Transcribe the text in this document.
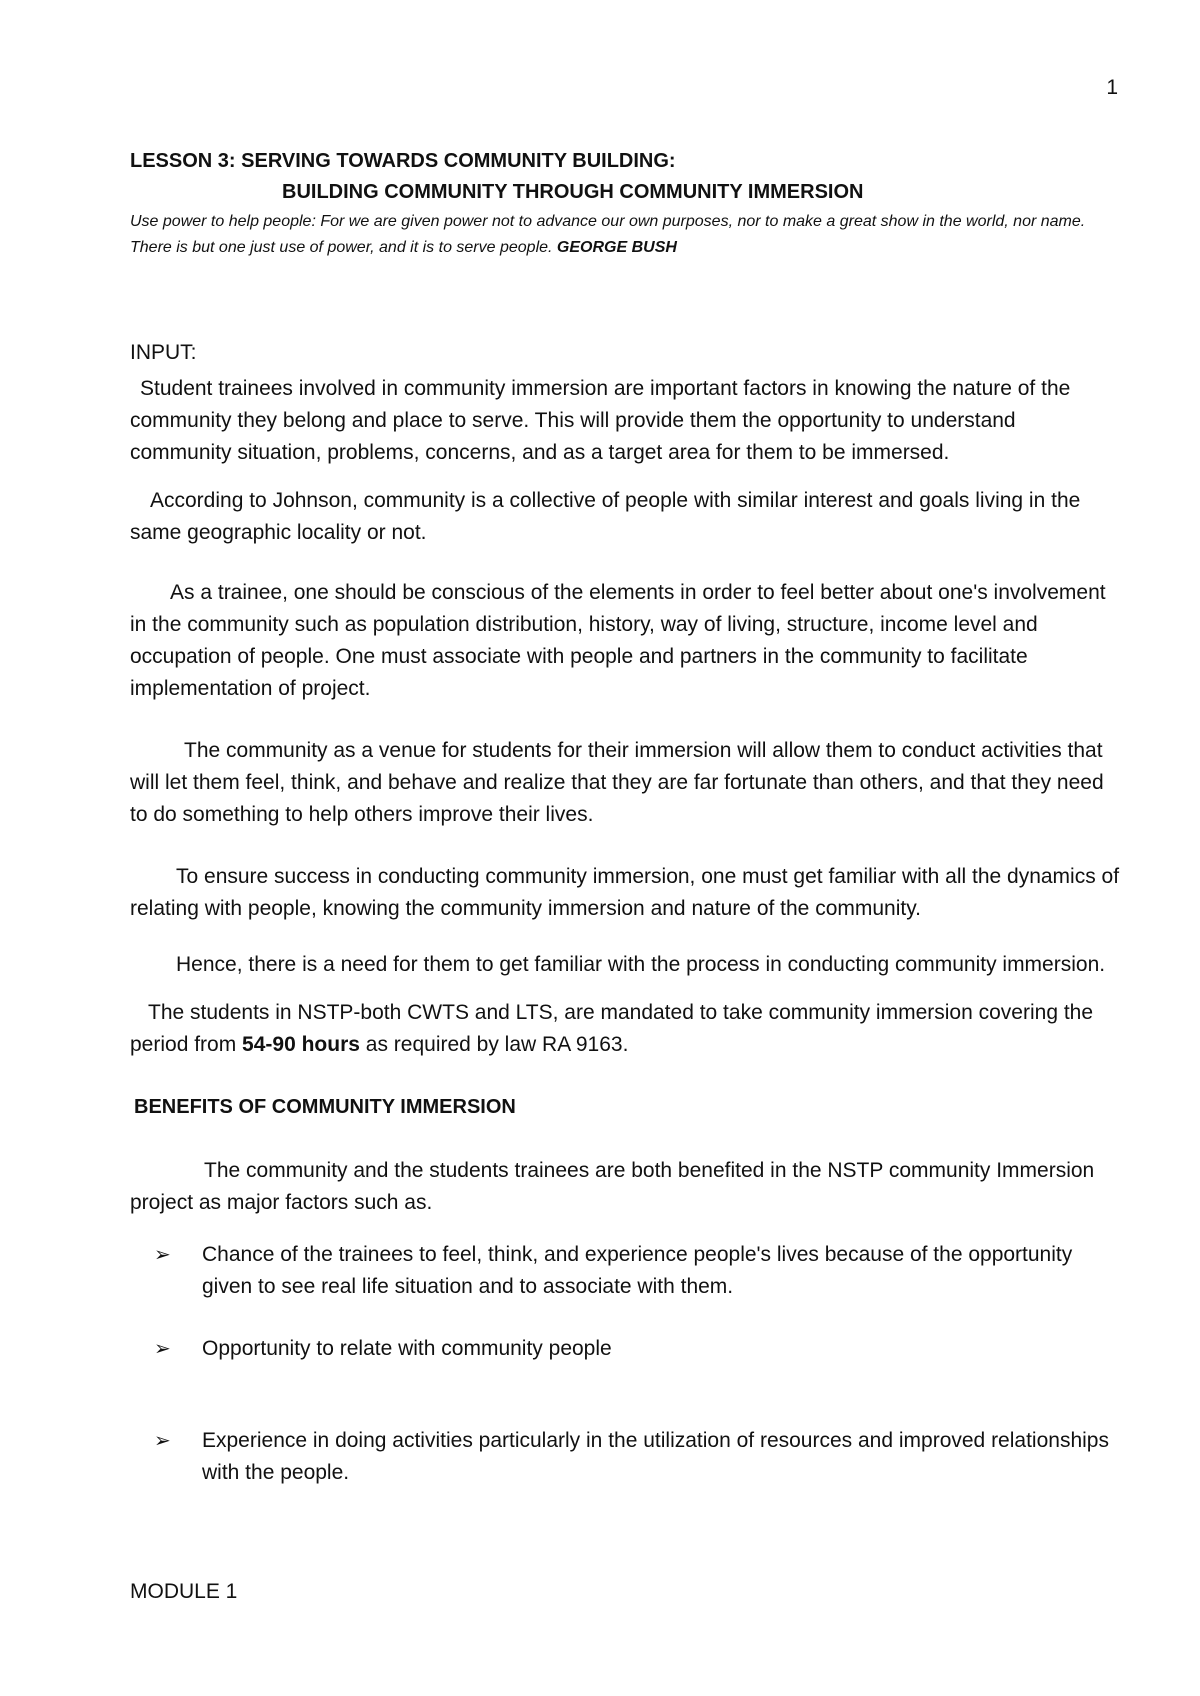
1
LESSON 3: SERVING TOWARDS COMMUNITY BUILDING:
BUILDING COMMUNITY THROUGH COMMUNITY IMMERSION

Use power to help people: For we are given power not to advance our own purposes, nor to make a great show in the world, nor name. There is but one just use of power, and it is to serve people. GEORGE BUSH

INPUT:

Student trainees involved in community immersion are important factors in knowing the nature of the community they belong and place to serve. This will provide them the opportunity to understand community situation, problems, concerns, and as a target area for them to be immersed.

According to Johnson, community is a collective of people with similar interest and goals living in the same geographic locality or not.

As a trainee, one should be conscious of the elements in order to feel better about one's involvement in the community such as population distribution, history, way of living, structure, income level and occupation of people. One must associate with people and partners in the community to facilitate implementation of project.

The community as a venue for students for their immersion will allow them to conduct activities that will let them feel, think, and behave and realize that they are far fortunate than others, and that they need to do something to help others improve their lives.

To ensure success in conducting community immersion, one must get familiar with all the dynamics of relating with people, knowing the community immersion and nature of the community.

Hence, there is a need for them to get familiar with the process in conducting community immersion.

The students in NSTP-both CWTS and LTS, are mandated to take community immersion covering the period from 54-90 hours as required by law RA 9163.

BENEFITS OF COMMUNITY IMMERSION

The community and the students trainees are both benefited in the NSTP community Immersion project as major factors such as.

➢ Chance of the trainees to feel, think, and experience people's lives because of the opportunity given to see real life situation and to associate with them.
➢ Opportunity to relate with community people
➢ Experience in doing activities particularly in the utilization of resources and improved relationships with the people.
MODULE 1
